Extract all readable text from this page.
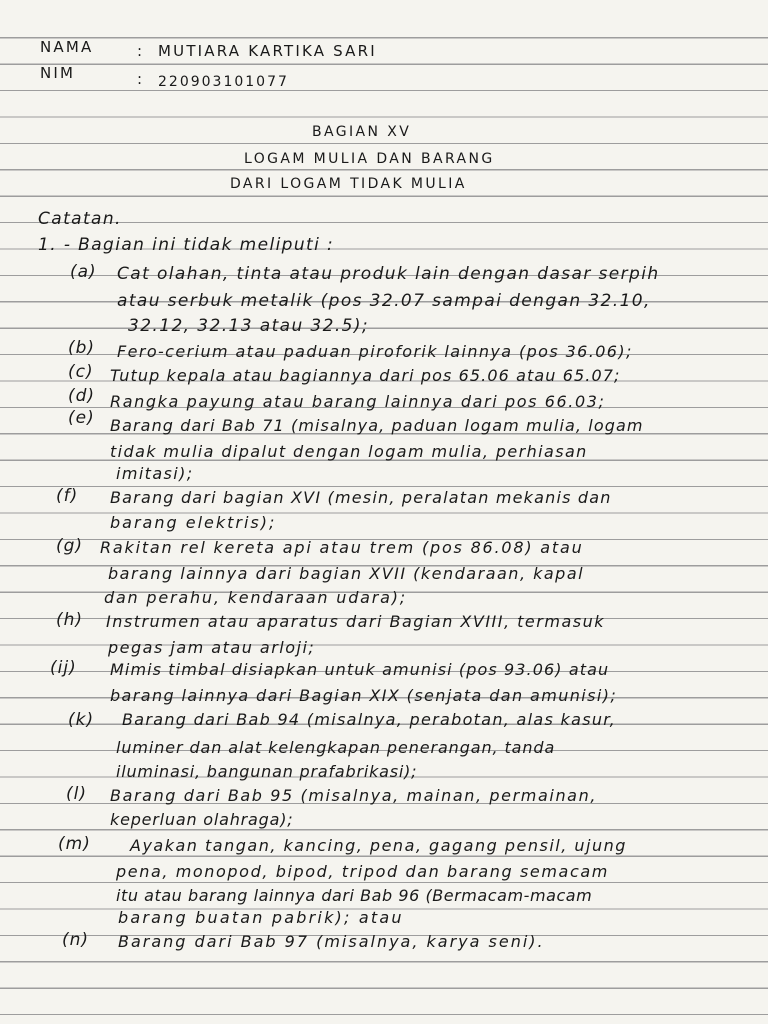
NAMA	: MUTIARA KARTIKA SARI
NIM	: 220903101077
BAGIAN XV
LOGAM MULIA DAN BARANG
DARI LOGAM TIDAK MULIA
Catatan.
1. - Bagian ini tidak meliputi :
(a) Cat olahan, tinta atau produk lain dengan dasar serpih
atau serbuk metalik (pos 32.07 sampai dengan 32.10,
32.12, 32.13 atau 32.5);
(b) Fero-cerium atau paduan piroforik lainnya (pos 36.06);
(c) Tutup kepala atau bagiannya dari pos 65.06 atau 65.07;
(d) Rangka payung atau barang lainnya dari pos 66.03;
(e) Barang dari Bab 71 (misalnya, paduan logam mulia, logam
tidak mulia dipalut dengan logam mulia, perhiasan
imitasi);
(f) Barang dari bagian XVI (mesin, peralatan mekanis dan
barang elektris);
(g) Rakitan rel kereta api atau trem (pos 86.08) atau
barang lainnya dari bagian XVII (kendaraan, kapal
dan perahu, kendaraan udara);
(h) Instrumen atau aparatus dari Bagian XVIII, termasuk
pegas jam atau arloji;
(ij) Mimis timbal disiapkan untuk amunisi (pos 93.06) atau
barang lainnya dari Bagian XIX (senjata dan amunisi);
(k) Barang dari Bab 94 (misalnya, perabotan, alas kasur,
luminer dan alat kelengkapan penerangan, tanda
iluminasi, bangunan prafabrikasi);
(l) Barang dari Bab 95 (misalnya, mainan, permainan,
keperluan olahraga);
(m) Ayakan tangan, kancing, pena, gagang pensil, ujung
pena, monopod, bipod, tripod dan barang semacam
itu atau barang lainnya dari Bab 96 (Bermacam-macam
barang buatan pabrik); atau
(n) Barang dari Bab 97 (misalnya, karya seni).
